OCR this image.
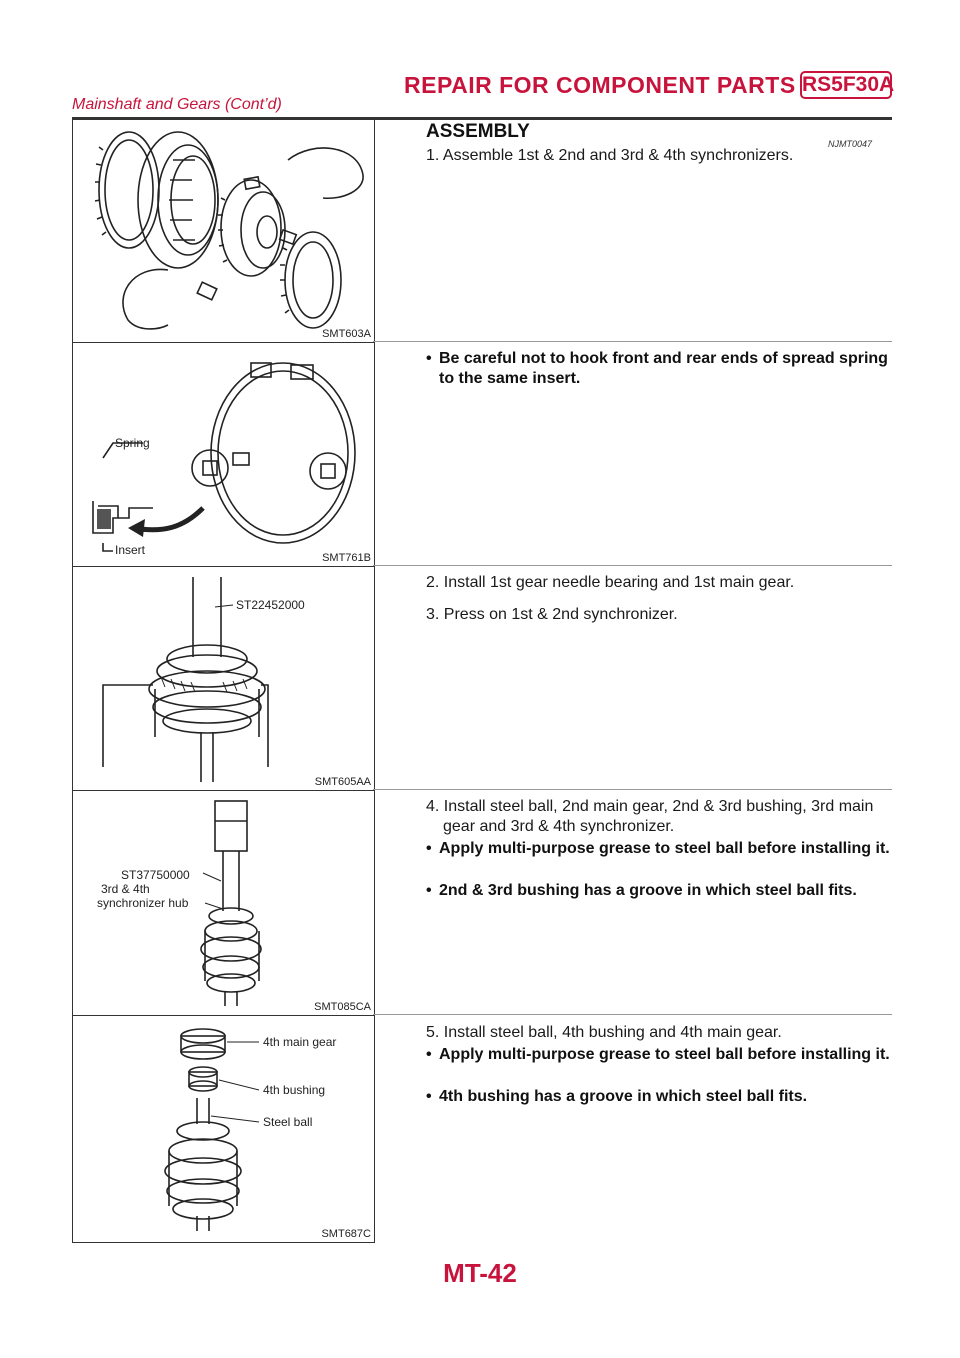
REPAIR FOR COMPONENT PARTS RS5F30A
Mainshaft and Gears (Cont’d)
SMT603A
Spring
Insert
SMT761B
ST22452000
SMT605AA
ST37750000
3rd & 4th
synchronizer hub
SMT085CA
4th main gear
4th bushing
Steel ball
SMT687C
ASSEMBLY
NJMT0047
1. Assemble 1st & 2nd and 3rd & 4th synchronizers.
• Be careful not to hook front and rear ends of spread spring to the same insert.
2. Install 1st gear needle bearing and 1st main gear.
3. Press on 1st & 2nd synchronizer.
4. Install steel ball, 2nd main gear, 2nd & 3rd bushing, 3rd main gear and 3rd & 4th synchronizer.
• Apply multi-purpose grease to steel ball before installing it.
• 2nd & 3rd bushing has a groove in which steel ball fits.
5. Install steel ball, 4th bushing and 4th main gear.
• Apply multi-purpose grease to steel ball before installing it.
• 4th bushing has a groove in which steel ball fits.
MT-42
